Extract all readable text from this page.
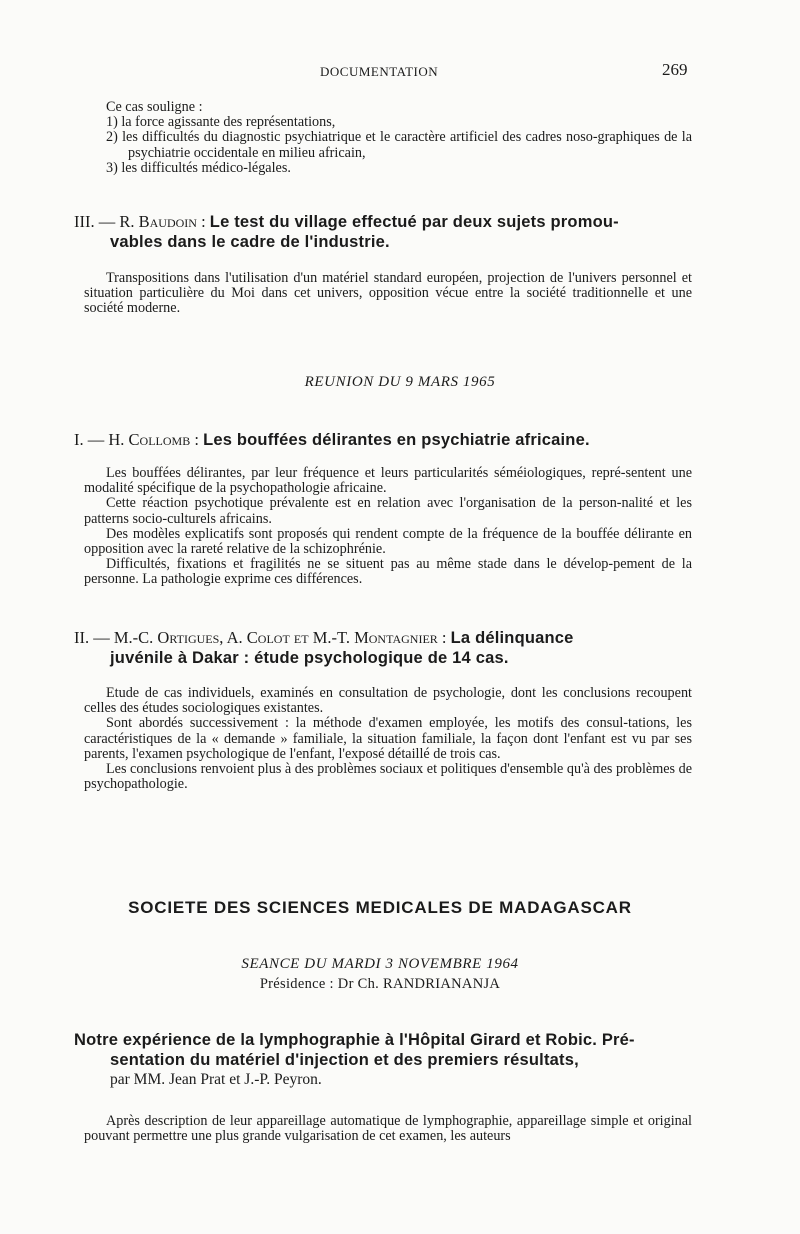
DOCUMENTATION	269

Ce cas souligne :

1) la force agissante des représentations,

2) les difficultés du diagnostic psychiatrique et le caractère artificiel des cadres noso-graphiques de la psychiatrie occidentale en milieu africain,

3) les difficultés médico-légales.

III. — R. Baudoin : Le test du village effectué par deux sujets promou-
vables dans le cadre de l'industrie.

Transpositions dans l'utilisation d'un matériel standard européen, projection de l'univers personnel et situation particulière du Moi dans cet univers, opposition vécue entre la société traditionnelle et une société moderne.

REUNION DU 9 MARS 1965
I. — H. Collomb : Les bouffées délirantes en psychiatrie africaine.

Les bouffées délirantes, par leur fréquence et leurs particularités séméiologiques, repré-sentent une modalité spécifique de la psychopathologie africaine.

Cette réaction psychotique prévalente est en relation avec l'organisation de la person-nalité et les patterns socio-culturels africains.

Des modèles explicatifs sont proposés qui rendent compte de la fréquence de la bouffée délirante en opposition avec la rareté relative de la schizophrénie.

Difficultés, fixations et fragilités ne se situent pas au même stade dans le dévelop-pement de la personne. La pathologie exprime ces différences.

II. — M.-C. Ortigues, A. Colot et M.-T. Montagnier : La délinquance
juvénile à Dakar : étude psychologique de 14 cas.

Etude de cas individuels, examinés en consultation de psychologie, dont les conclusions recoupent celles des études sociologiques existantes.

Sont abordés successivement : la méthode d'examen employée, les motifs des consul-tations, les caractéristiques de la « demande » familiale, la situation familiale, la façon dont l'enfant est vu par ses parents, l'examen psychologique de l'enfant, l'exposé détaillé de trois cas.

Les conclusions renvoient plus à des problèmes sociaux et politiques d'ensemble qu'à des problèmes de psychopathologie.

SOCIETE DES SCIENCES MEDICALES DE MADAGASCAR
SEANCE DU MARDI 3 NOVEMBRE 1964
Présidence : Dr Ch. RANDRIANANJA
Notre expérience de la lymphographie à l'Hôpital Girard et Robic. Pré-
sentation du matériel d'injection et des premiers résultats,
par MM. Jean Prat et J.-P. Peyron.

Après description de leur appareillage automatique de lymphographie, appareillage simple et original pouvant permettre une plus grande vulgarisation de cet examen, les auteurs
